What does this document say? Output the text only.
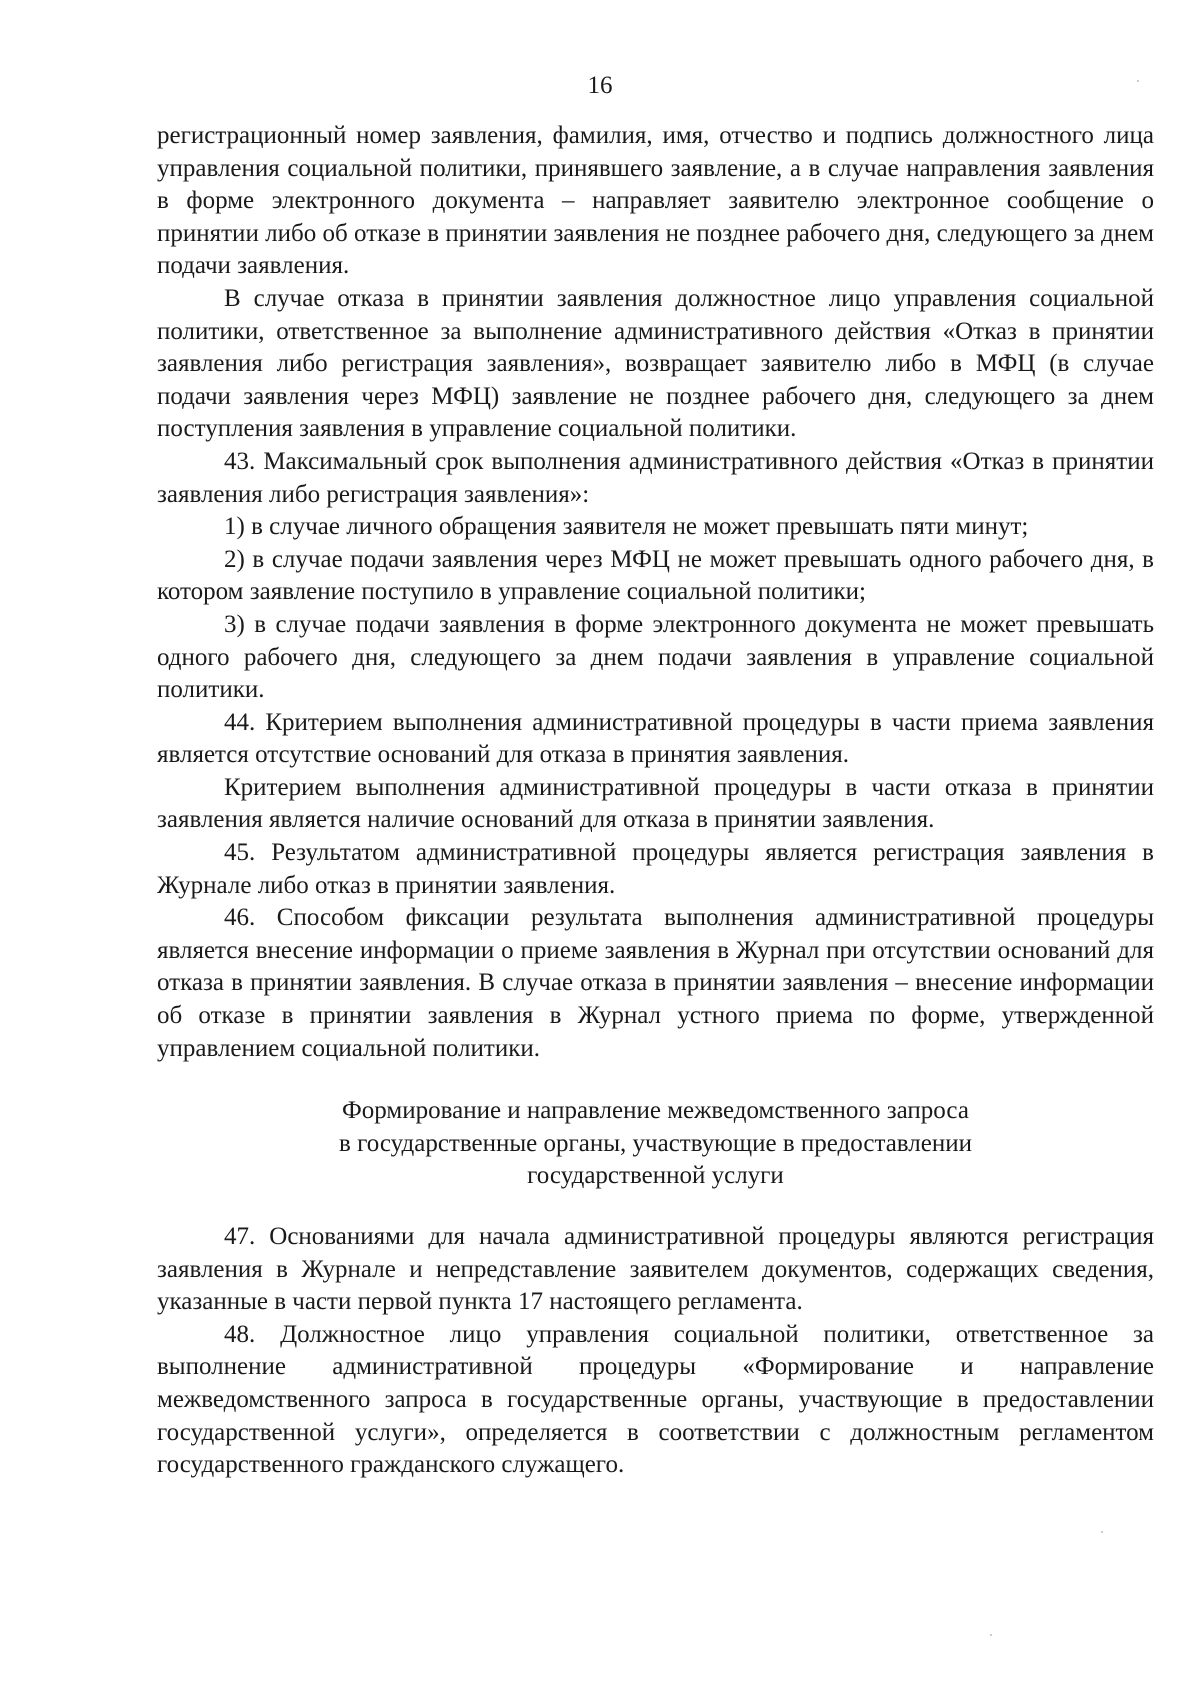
16

регистрационный номер заявления, фамилия, имя, отчество и подпись должностного лица управления социальной политики, принявшего заявление, а в случае направления заявления в форме электронного документа – направляет заявителю электронное сообщение о принятии либо об отказе в принятии заявления не позднее рабочего дня, следующего за днем подачи заявления.

В случае отказа в принятии заявления должностное лицо управления социальной политики, ответственное за выполнение административного действия «Отказ в принятии заявления либо регистрация заявления», возвращает заявителю либо в МФЦ (в случае подачи заявления через МФЦ) заявление не позднее рабочего дня, следующего за днем поступления заявления в управление социальной политики.

43. Максимальный срок выполнения административного действия «Отказ в принятии заявления либо регистрация заявления»:

1) в случае личного обращения заявителя не может превышать пяти минут;

2) в случае подачи заявления через МФЦ не может превышать одного рабочего дня, в котором заявление поступило в управление социальной политики;

3) в случае подачи заявления в форме электронного документа не может превышать одного рабочего дня, следующего за днем подачи заявления в управление социальной политики.

44. Критерием выполнения административной процедуры в части приема заявления является отсутствие оснований для отказа в принятия заявления.

Критерием выполнения административной процедуры в части отказа в принятии заявления является наличие оснований для отказа в принятии заявления.

45. Результатом административной процедуры является регистрация заявления в Журнале либо отказ в принятии заявления.

46. Способом фиксации результата выполнения административной процедуры является внесение информации о приеме заявления в Журнал при отсутствии оснований для отказа в принятии заявления. В случае отказа в принятии заявления – внесение информации об отказе в принятии заявления в Журнал устного приема по форме, утвержденной управлением социальной политики.

Формирование и направление межведомственного запроса
в государственные органы, участвующие в предоставлении
государственной услуги

47. Основаниями для начала административной процедуры являются регистрация заявления в Журнале и непредставление заявителем документов, содержащих сведения, указанные в части первой пункта 17 настоящего регламента.

48. Должностное лицо управления социальной политики, ответственное за выполнение административной процедуры «Формирование и направление межведомственного запроса в государственные органы, участвующие в предоставлении государственной услуги», определяется в соответствии с должностным регламентом государственного гражданского служащего.
